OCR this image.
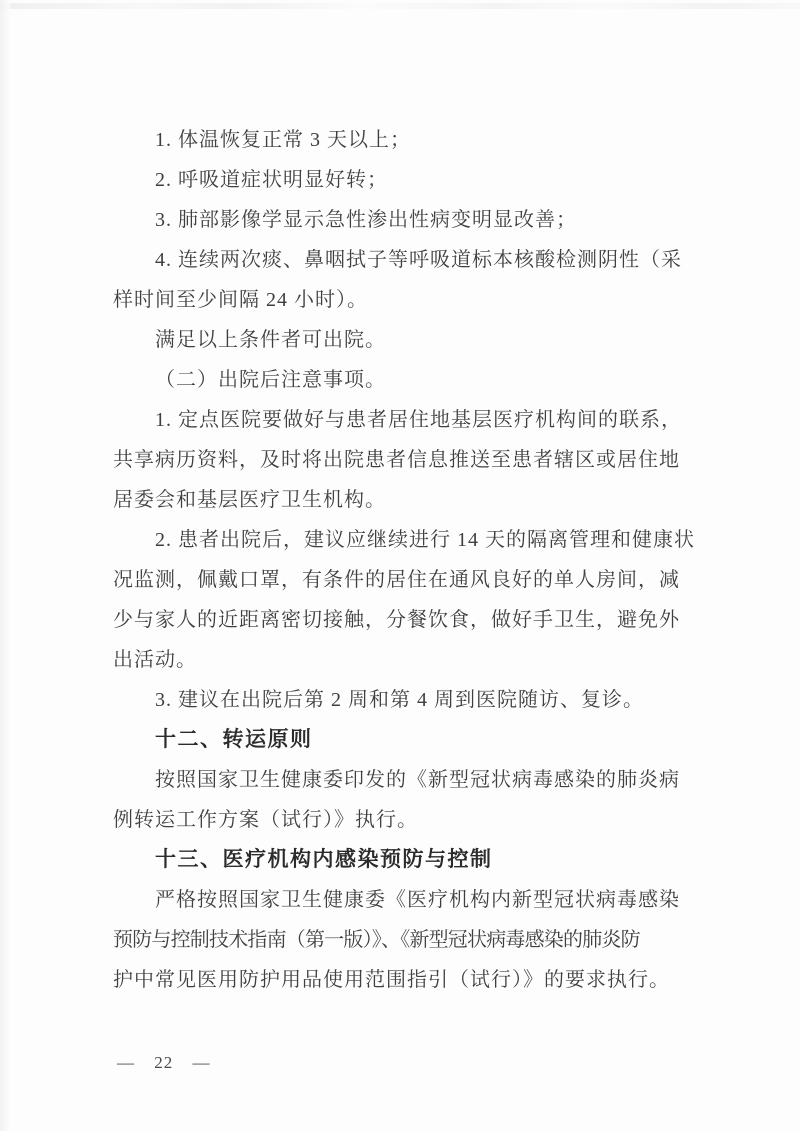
1. 体温恢复正常 3 天以上；
2. 呼吸道症状明显好转；
3. 肺部影像学显示急性渗出性病变明显改善；
4. 连续两次痰、鼻咽拭子等呼吸道标本核酸检测阴性（采
样时间至少间隔 24 小时）。
满足以上条件者可出院。
（二）出院后注意事项。
1. 定点医院要做好与患者居住地基层医疗机构间的联系，
共享病历资料，及时将出院患者信息推送至患者辖区或居住地
居委会和基层医疗卫生机构。
2. 患者出院后，建议应继续进行 14 天的隔离管理和健康状
况监测，佩戴口罩，有条件的居住在通风良好的单人房间，减
少与家人的近距离密切接触，分餐饮食，做好手卫生，避免外
出活动。
3. 建议在出院后第 2 周和第 4 周到医院随访、复诊。
十二、转运原则
按照国家卫生健康委印发的《新型冠状病毒感染的肺炎病
例转运工作方案（试行）》执行。
十三、医疗机构内感染预防与控制
严格按照国家卫生健康委《医疗机构内新型冠状病毒感染
预防与控制技术指南（第一版）》、《新型冠状病毒感染的肺炎防
护中常见医用防护用品使用范围指引（试行）》的要求执行。
— 22 —
